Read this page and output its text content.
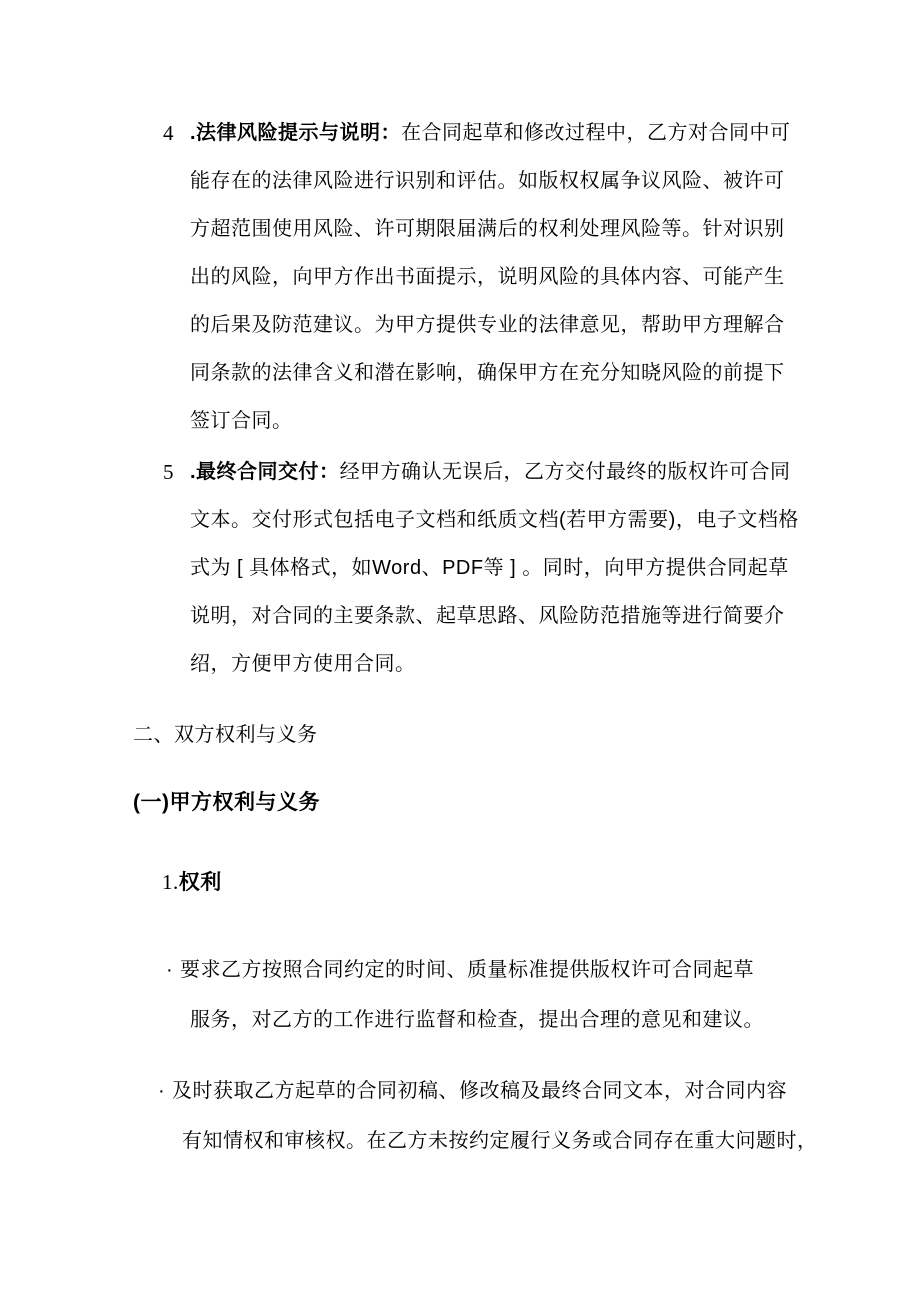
4 .法律风险提示与说明：在合同起草和修改过程中，乙方对合同中可
能存在的法律风险进行识别和评估。如版权权属争议风险、被许可
方超范围使用风险、许可期限届满后的权利处理风险等。针对识别
出的风险，向甲方作出书面提示，说明风险的具体内容、可能产生
的后果及防范建议。为甲方提供专业的法律意见，帮助甲方理解合
同条款的法律含义和潜在影响，确保甲方在充分知晓风险的前提下
签订合同。
5 .最终合同交付：经甲方确认无误后，乙方交付最终的版权许可合同
文本。交付形式包括电子文档和纸质文档(若甲方需要)，电子文档格
式为 [ 具体格式，如Word、PDF等 ] 。同时，向甲方提供合同起草
说明，对合同的主要条款、起草思路、风险防范措施等进行简要介
绍，方便甲方使用合同。
二、双方权利与义务
(一)甲方权利与义务
1.权利
· 要求乙方按照合同约定的时间、质量标准提供版权许可合同起草
服务，对乙方的工作进行监督和检查，提出合理的意见和建议。
· 及时获取乙方起草的合同初稿、修改稿及最终合同文本，对合同内容
有知情权和审核权。在乙方未按约定履行义务或合同存在重大问题时，
